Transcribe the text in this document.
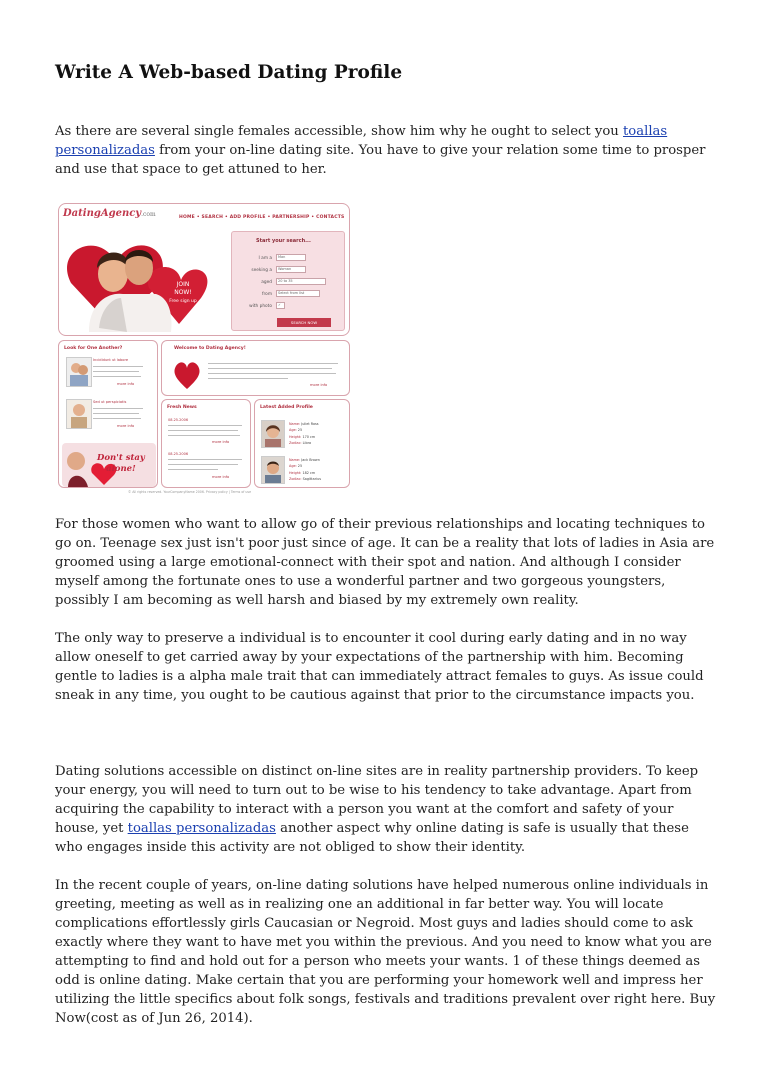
Write A Web-based Dating Profile

As there are several single females accessible, show him why he ought to select you toallas personalizadas from your on-line dating site. You have to give your relation some time to prosper and use that space to get attuned to her.

DatingAgency.com	HOME • SEARCH • ADD PROFILE • PARTNERSHIP • CONTACTS
JOIN
NOW!
Free sign up
Start your search...
I am a Man
seeking a Woman
aged 20 to 35
from Select from list
with photo ✓
SEARCH NOW
Look for One Another?
Incididunt ut labore
more info
Sed ut perspiciatis
more info
Don't stay
alone!
Welcome to Dating Agency!
more info
Fresh News
08.25.2006
more info
08.25.2006
more info
Latest Added Profile
Name: Juliet Ross
Age: 25
Height: 170 cm
Zodiac: Libra
Name: Jack Brown
Age: 25
Height: 182 cm
Zodiac: Sagittarius
© All rights reserved. YourCompanyName 2006. Privacy policy | Terms of use

For those women who want to allow go of their previous relationships and locating techniques to go on. Teenage sex just isn't poor just since of age. It can be a reality that lots of ladies in Asia are groomed using a large emotional-connect with their spot and nation. And although I consider myself among the fortunate ones to use a wonderful partner and two gorgeous youngsters, possibly I am becoming as well harsh and biased by my extremely own reality.

The only way to preserve a individual is to encounter it cool during early dating and in no way allow oneself to get carried away by your expectations of the partnership with him. Becoming gentle to ladies is a alpha male trait that can immediately attract females to guys. As issue could sneak in any time, you ought to be cautious against that prior to the circumstance impacts you.

Dating solutions accessible on distinct on-line sites are in reality partnership providers. To keep your energy, you will need to turn out to be wise to his tendency to take advantage. Apart from acquiring the capability to interact with a person you want at the comfort and safety of your house, yet toallas personalizadas another aspect why online dating is safe is usually that these who engages inside this activity are not obliged to show their identity.

In the recent couple of years, on-line dating solutions have helped numerous online individuals in greeting, meeting as well as in realizing one an additional in far better way. You will locate complications effortlessly girls Caucasian or Negroid. Most guys and ladies should come to ask exactly where they want to have met you within the previous. And you need to know what you are attempting to find and hold out for a person who meets your wants. 1 of these things deemed as odd is online dating. Make certain that you are performing your homework well and impress her utilizing the little specifics about folk songs, festivals and traditions prevalent over right here. Buy Now(cost as of Jun 26, 2014).
